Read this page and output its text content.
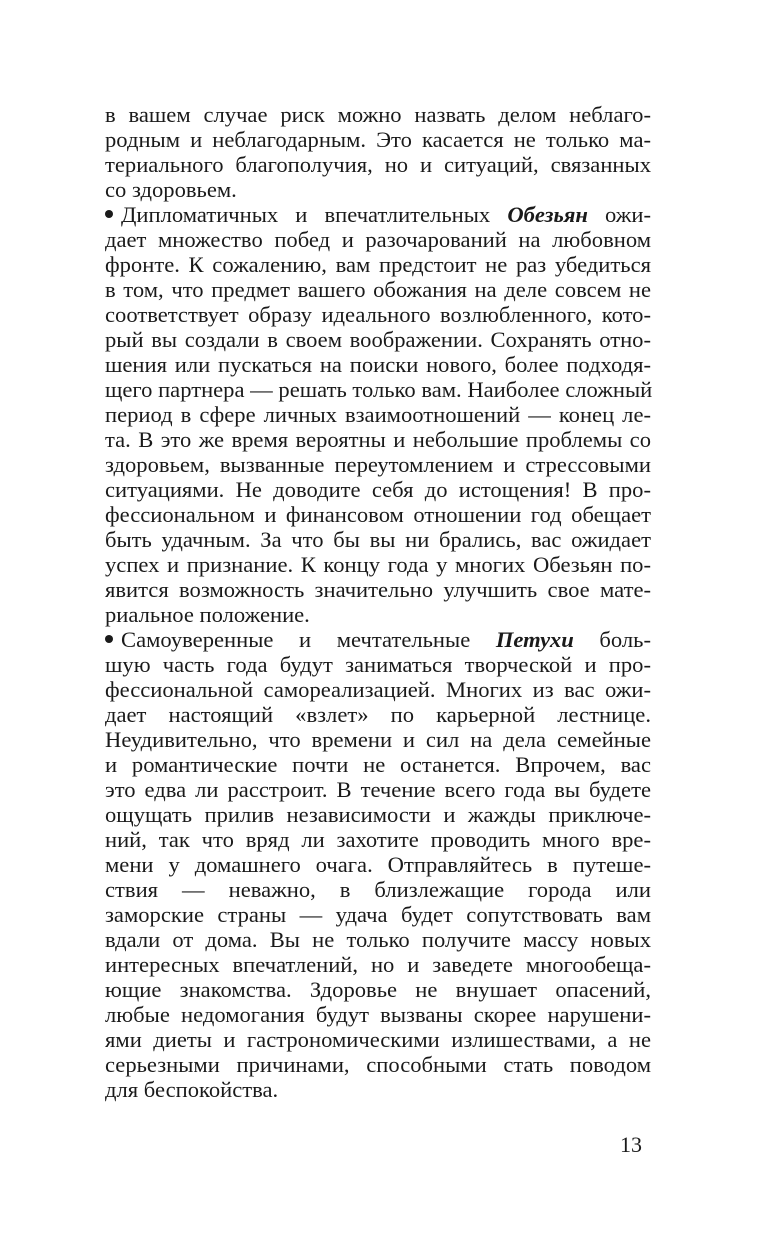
в вашем случае риск можно назвать делом неблаго-
родным и неблагодарным. Это касается не только ма-
териального благополучия, но и ситуаций, связанных
со здоровьем.
Дипломатичных и впечатлительных Обезьян ожи-
дает множество побед и разочарований на любовном
фронте. К сожалению, вам предстоит не раз убедиться
в том, что предмет вашего обожания на деле совсем не
соответствует образу идеального возлюбленного, кото-
рый вы создали в своем воображении. Сохранять отно-
шения или пускаться на поиски нового, более подходя-
щего партнера — решать только вам. Наиболее сложный
период в сфере личных взаимоотношений — конец ле-
та. В это же время вероятны и небольшие проблемы со
здоровьем, вызванные переутомлением и стрессовыми
ситуациями. Не доводите себя до истощения! В про-
фессиональном и финансовом отношении год обещает
быть удачным. За что бы вы ни брались, вас ожидает
успех и признание. К концу года у многих Обезьян по-
явится возможность значительно улучшить свое мате-
риальное положение.
Самоуверенные и мечтательные Петухи боль-
шую часть года будут заниматься творческой и про-
фессиональной самореализацией. Многих из вас ожи-
дает настоящий «взлет» по карьерной лестнице.
Неудивительно, что времени и сил на дела семейные
и романтические почти не останется. Впрочем, вас
это едва ли расстроит. В течение всего года вы будете
ощущать прилив независимости и жажды приключе-
ний, так что вряд ли захотите проводить много вре-
мени у домашнего очага. Отправляйтесь в путеше-
ствия — неважно, в близлежащие города или
заморские страны — удача будет сопутствовать вам
вдали от дома. Вы не только получите массу новых
интересных впечатлений, но и заведете многообеща-
ющие знакомства. Здоровье не внушает опасений,
любые недомогания будут вызваны скорее нарушени-
ями диеты и гастрономическими излишествами, а не
серьезными причинами, способными стать поводом
для беспокойства.
13
